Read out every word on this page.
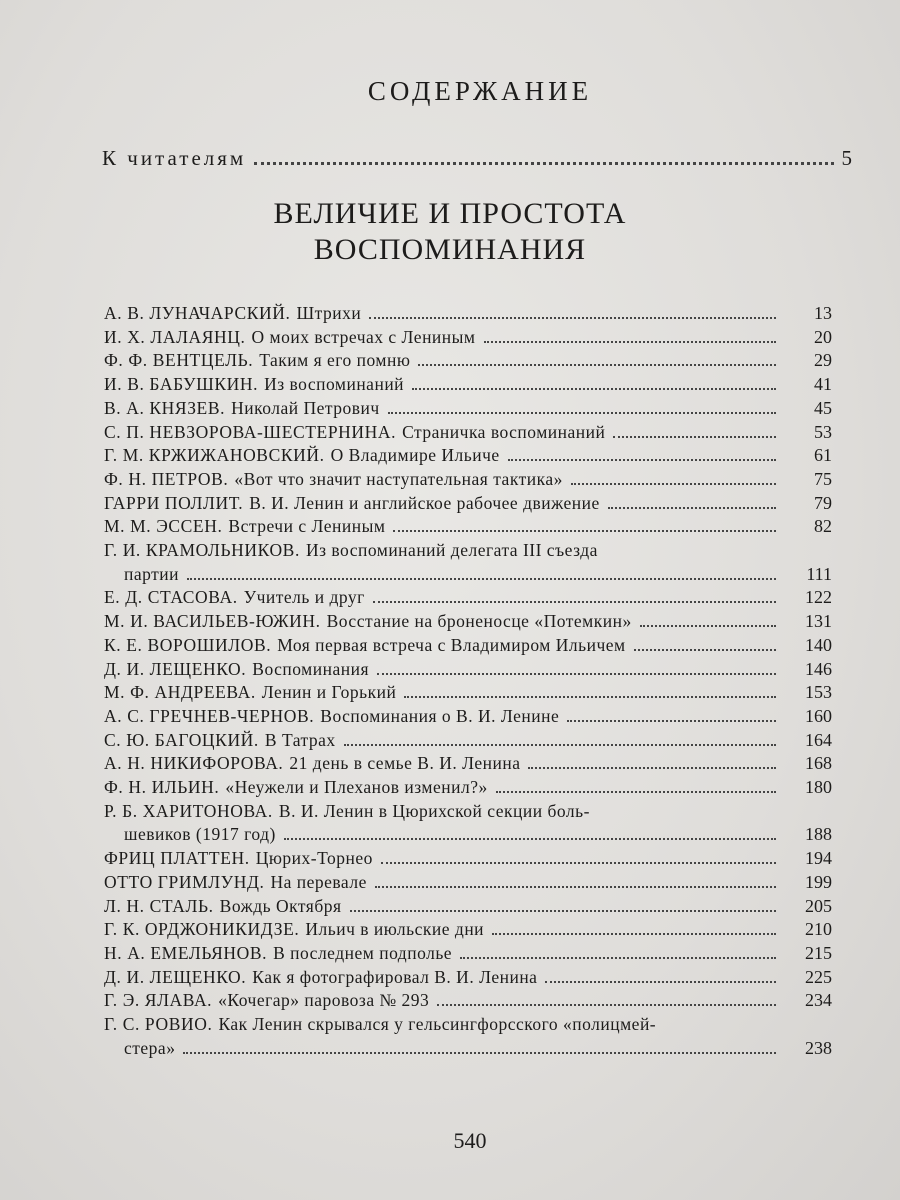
СОДЕРЖАНИЕ
К читателям	5
ВЕЛИЧИЕ И ПРОСТОТА
ВОСПОМИНАНИЯ
А. В. ЛУНАЧАРСКИЙ. Штрихи	13
И. Х. ЛАЛАЯНЦ. О моих встречах с Лениным	20
Ф. Ф. ВЕНТЦЕЛЬ. Таким я его помню	29
И. В. БАБУШКИН. Из воспоминаний	41
В. А. КНЯЗЕВ. Николай Петрович	45
С. П. НЕВЗОРОВА-ШЕСТЕРНИНА. Страничка воспоминаний	53
Г. М. КРЖИЖАНОВСКИЙ. О Владимире Ильиче	61
Ф. Н. ПЕТРОВ. «Вот что значит наступательная тактика»	75
ГАРРИ ПОЛЛИТ. В. И. Ленин и английское рабочее движение	79
М. М. ЭССЕН. Встречи с Лениным	82
Г. И. КРАМОЛЬНИКОВ. Из воспоминаний делегата III съезда
партии	111
Е. Д. СТАСОВА. Учитель и друг	122
М. И. ВАСИЛЬЕВ-ЮЖИН. Восстание на броненосце «Потемкин»	131
К. Е. ВОРОШИЛОВ. Моя первая встреча с Владимиром Ильичем	140
Д. И. ЛЕЩЕНКО. Воспоминания	146
М. Ф. АНДРЕЕВА. Ленин и Горький	153
А. С. ГРЕЧНЕВ-ЧЕРНОВ. Воспоминания о В. И. Ленине	160
С. Ю. БАГОЦКИЙ. В Татрах	164
А. Н. НИКИФОРОВА. 21 день в семье В. И. Ленина	168
Ф. Н. ИЛЬИН. «Неужели и Плеханов изменил?»	180
Р. Б. ХАРИТОНОВА. В. И. Ленин в Цюрихской секции боль-
шевиков (1917 год)	188
ФРИЦ ПЛАТТЕН. Цюрих-Торнео	194
ОТТО ГРИМЛУНД. На перевале	199
Л. Н. СТАЛЬ. Вождь Октября	205
Г. К. ОРДЖОНИКИДЗЕ. Ильич в июльские дни	210
Н. А. ЕМЕЛЬЯНОВ. В последнем подполье	215
Д. И. ЛЕЩЕНКО. Как я фотографировал В. И. Ленина	225
Г. Э. ЯЛАВА. «Кочегар» паровоза № 293	234
Г. С. РОВИО. Как Ленин скрывался у гельсингфорсского «полицмей-
стера»	238
540
